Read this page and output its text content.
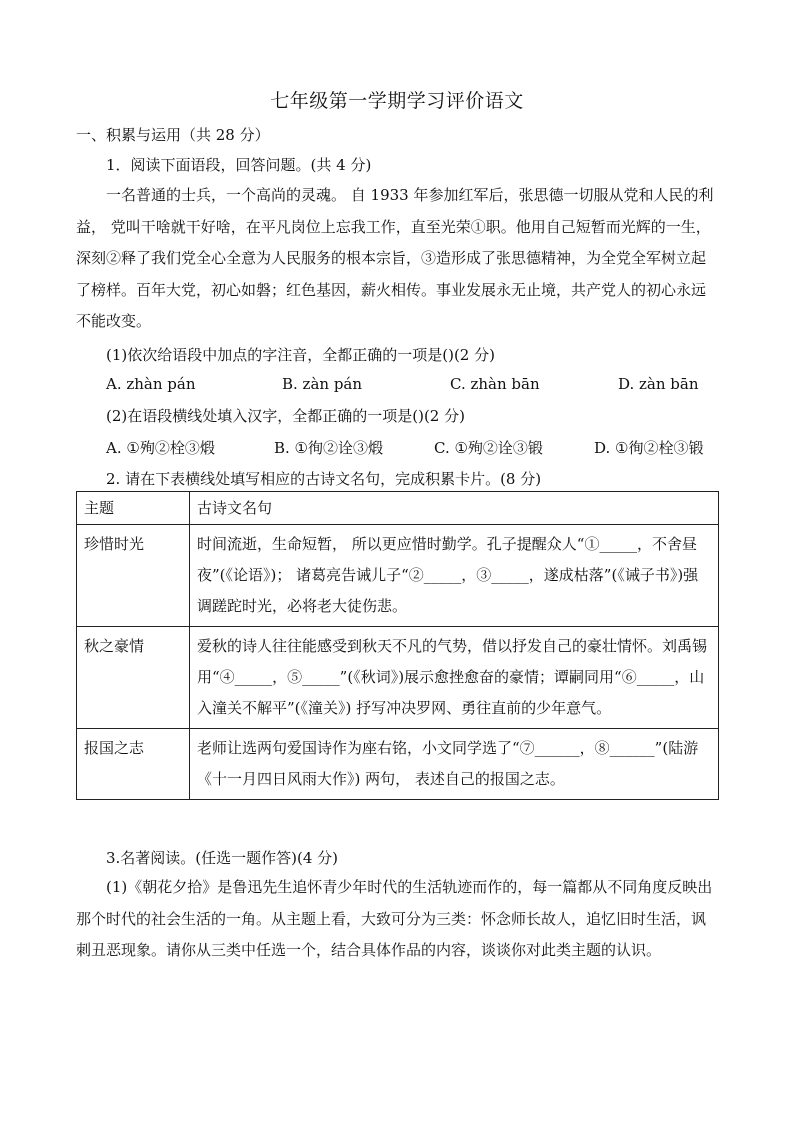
七年级第一学期学习评价语文
一、积累与运用（共 28 分）
1．阅读下面语段，回答问题。(共 4 分)
一名普通的士兵，一个高尚的灵魂。 自 1933 年参加红军后，张思德一切服从党和人民的利益， 党叫干啥就干好啥，在平凡岗位上忘我工作，直至光荣①职。他用自己短暂而光辉的一生，深刻②释了我们党全心全意为人民服务的根本宗旨，③造形成了张思德精神，为全党全军树立起了榜样。百年大党，初心如磐；红色基因，薪火相传。事业发展永无止境，共产党人的初心永远不能改变。
(1)依次给语段中加点的字注音，全都正确的一项是()(2 分)
A. zhàn pán	B. zàn pán	C. zhàn bān	D. zàn bān
(2)在语段横线处填入汉字，全都正确的一项是()(2 分)
A. ①殉②栓③煅	B. ①徇②诠③煅	C. ①殉②诠③锻	D. ①徇②栓③锻
2. 请在下表横线处填写相应的古诗文名句，完成积累卡片。(8 分)
主题	古诗文名句
珍惜时光	时间流逝，生命短暂， 所以更应惜时勤学。孔子提醒众人“①_____，不舍昼夜”(《论语》)； 诸葛亮告诫儿子“②_____，③_____，遂成枯落”(《诫子书》)强调蹉跎时光，必将老大徒伤悲。
秋之豪情	爱秋的诗人往往能感受到秋天不凡的气势，借以抒发自己的豪壮情怀。刘禹锡用“④_____，⑤_____”(《秋词》)展示愈挫愈奋的豪情；谭嗣同用“⑥_____，山入潼关不解平”(《潼关》) 抒写冲决罗网、勇往直前的少年意气。
报国之志	老师让选两句爱国诗作为座右铭，小文同学选了“⑦______，⑧______”(陆游《十一月四日风雨大作》) 两句， 表述自己的报国之志。
3.名著阅读。(任选一题作答)(4 分)
(1)《朝花夕拾》是鲁迅先生追怀青少年时代的生活轨迹而作的，每一篇都从不同角度反映出那个时代的社会生活的一角。从主题上看，大致可分为三类：怀念师长故人，追忆旧时生活，讽刺丑恶现象。请你从三类中任选一个，结合具体作品的内容，谈谈你对此类主题的认识。
